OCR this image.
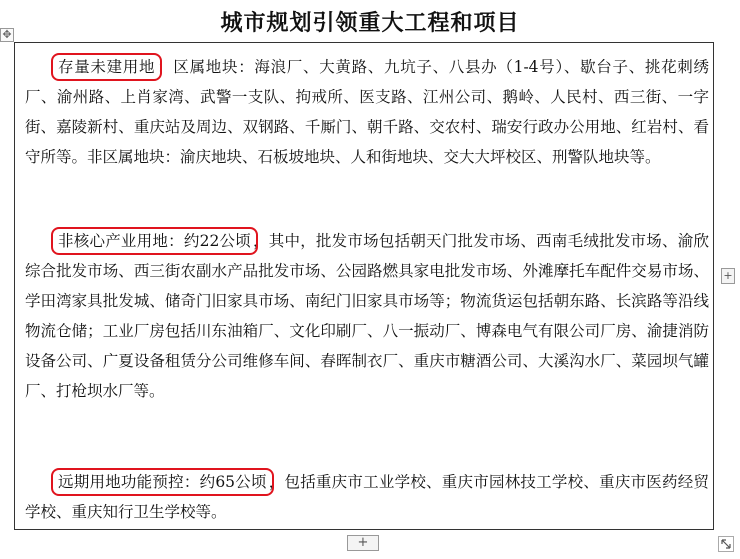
城市规划引领重大工程和项目
✥
存量未建用地 ：区属地块：海浪厂、大黄路、九坑子、八县办（1-4号）、歇台子、挑花刺绣厂、渝州路、上肖家湾、武警一支队、拘戒所、医支路、江州公司、鹅岭、人民村、西三街、一字街、嘉陵新村、重庆站及周边、双钢路、千厮门、朝千路、交农村、瑞安行政办公用地、红岩村、看守所等。非区属地块：渝庆地块、石板坡地块、人和街地块、交大大坪校区、刑警队地块等。
非核心产业用地：约22公顷 ，其中，批发市场包括朝天门批发市场、西南毛绒批发市场、渝欣综合批发市场、西三街农副水产品批发市场、公园路燃具家电批发市场、外滩摩托车配件交易市场、学田湾家具批发城、储奇门旧家具市场、南纪门旧家具市场等；物流货运包括朝东路、长滨路等沿线物流仓储；工业厂房包括川东油箱厂、文化印刷厂、八一振动厂、博森电气有限公司厂房、渝捷消防设备公司、广夏设备租赁分公司维修车间、春晖制衣厂、重庆市糖酒公司、大溪沟水厂、菜园坝气罐厂、打枪坝水厂等。
远期用地功能预控：约65公顷 ，包括重庆市工业学校、重庆市园林技工学校、重庆市医药经贸学校、重庆知行卫生学校等。
+
+
